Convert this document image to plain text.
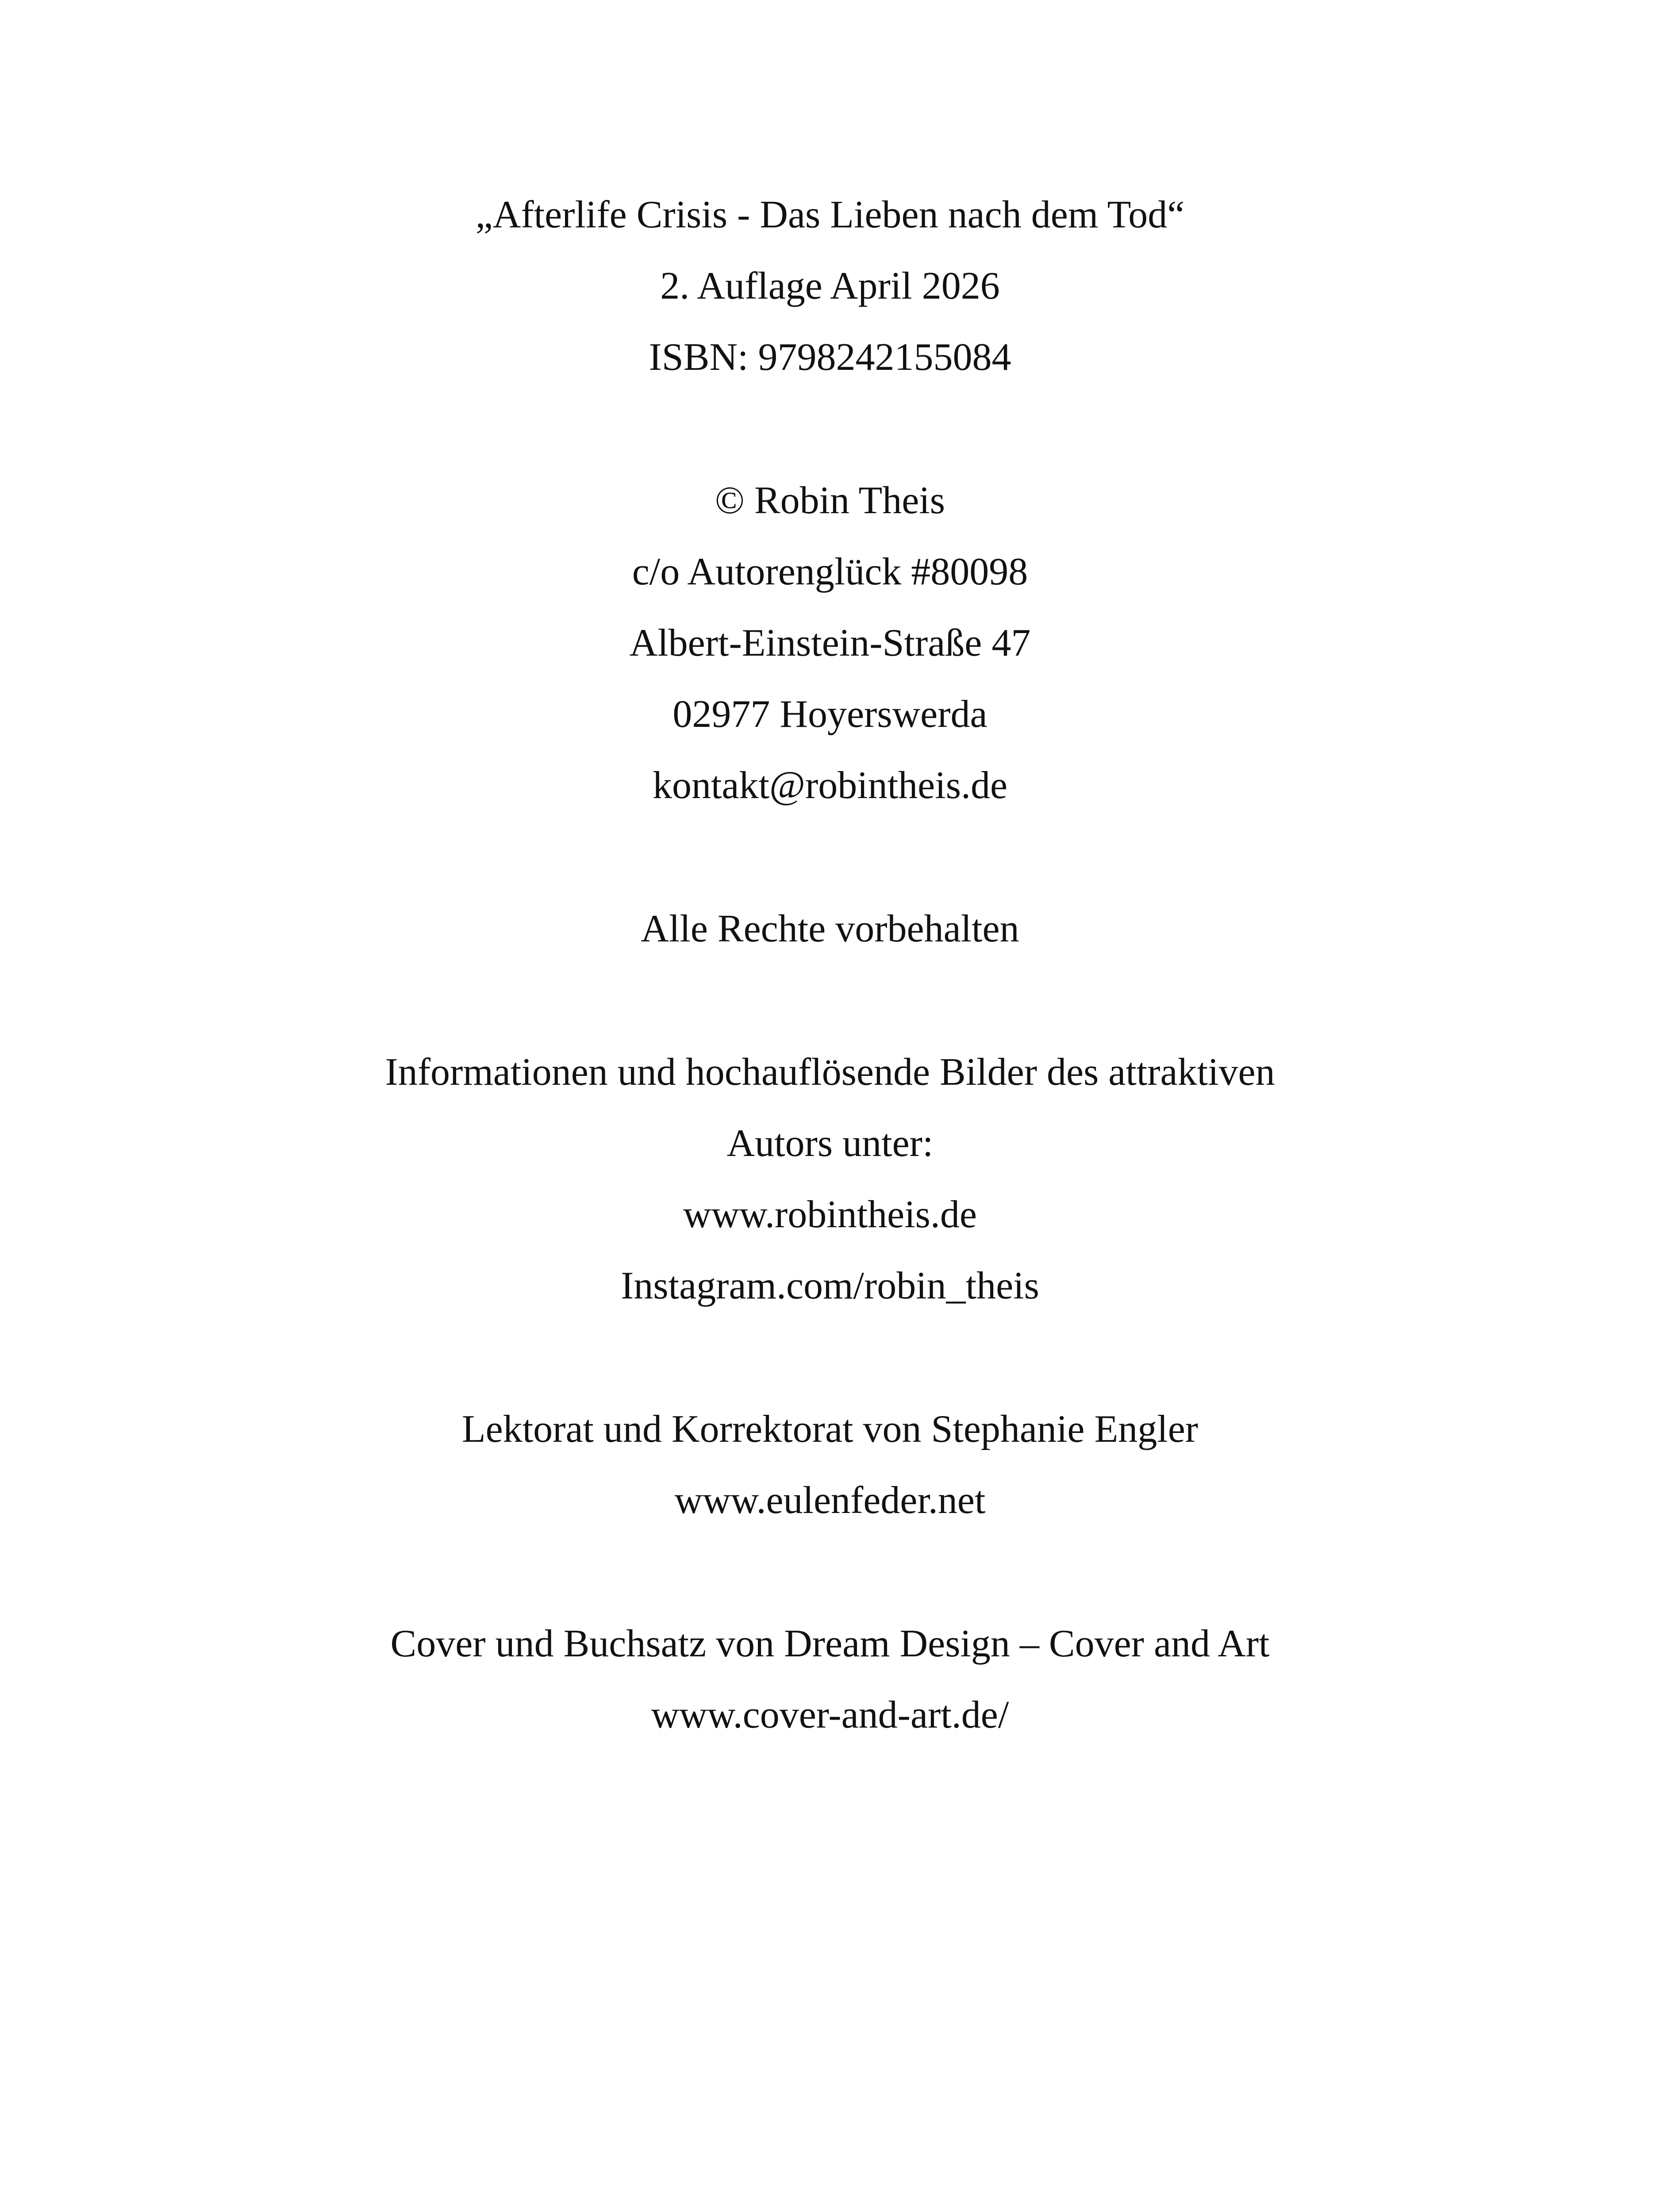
„Afterlife Crisis - Das Lieben nach dem Tod“
2. Auflage April 2026
ISBN: 9798242155084
© Robin Theis
c/o Autorenglück #80098
Albert-Einstein-Straße 47
02977 Hoyerswerda
kontakt@robintheis.de
Alle Rechte vorbehalten
Informationen und hochauflösende Bilder des attraktiven
Autors unter:
www.robintheis.de
Instagram.com/robin_theis
Lektorat und Korrektorat von Stephanie Engler
www.eulenfeder.net
Cover und Buchsatz von Dream Design – Cover and Art
www.cover-and-art.de/
